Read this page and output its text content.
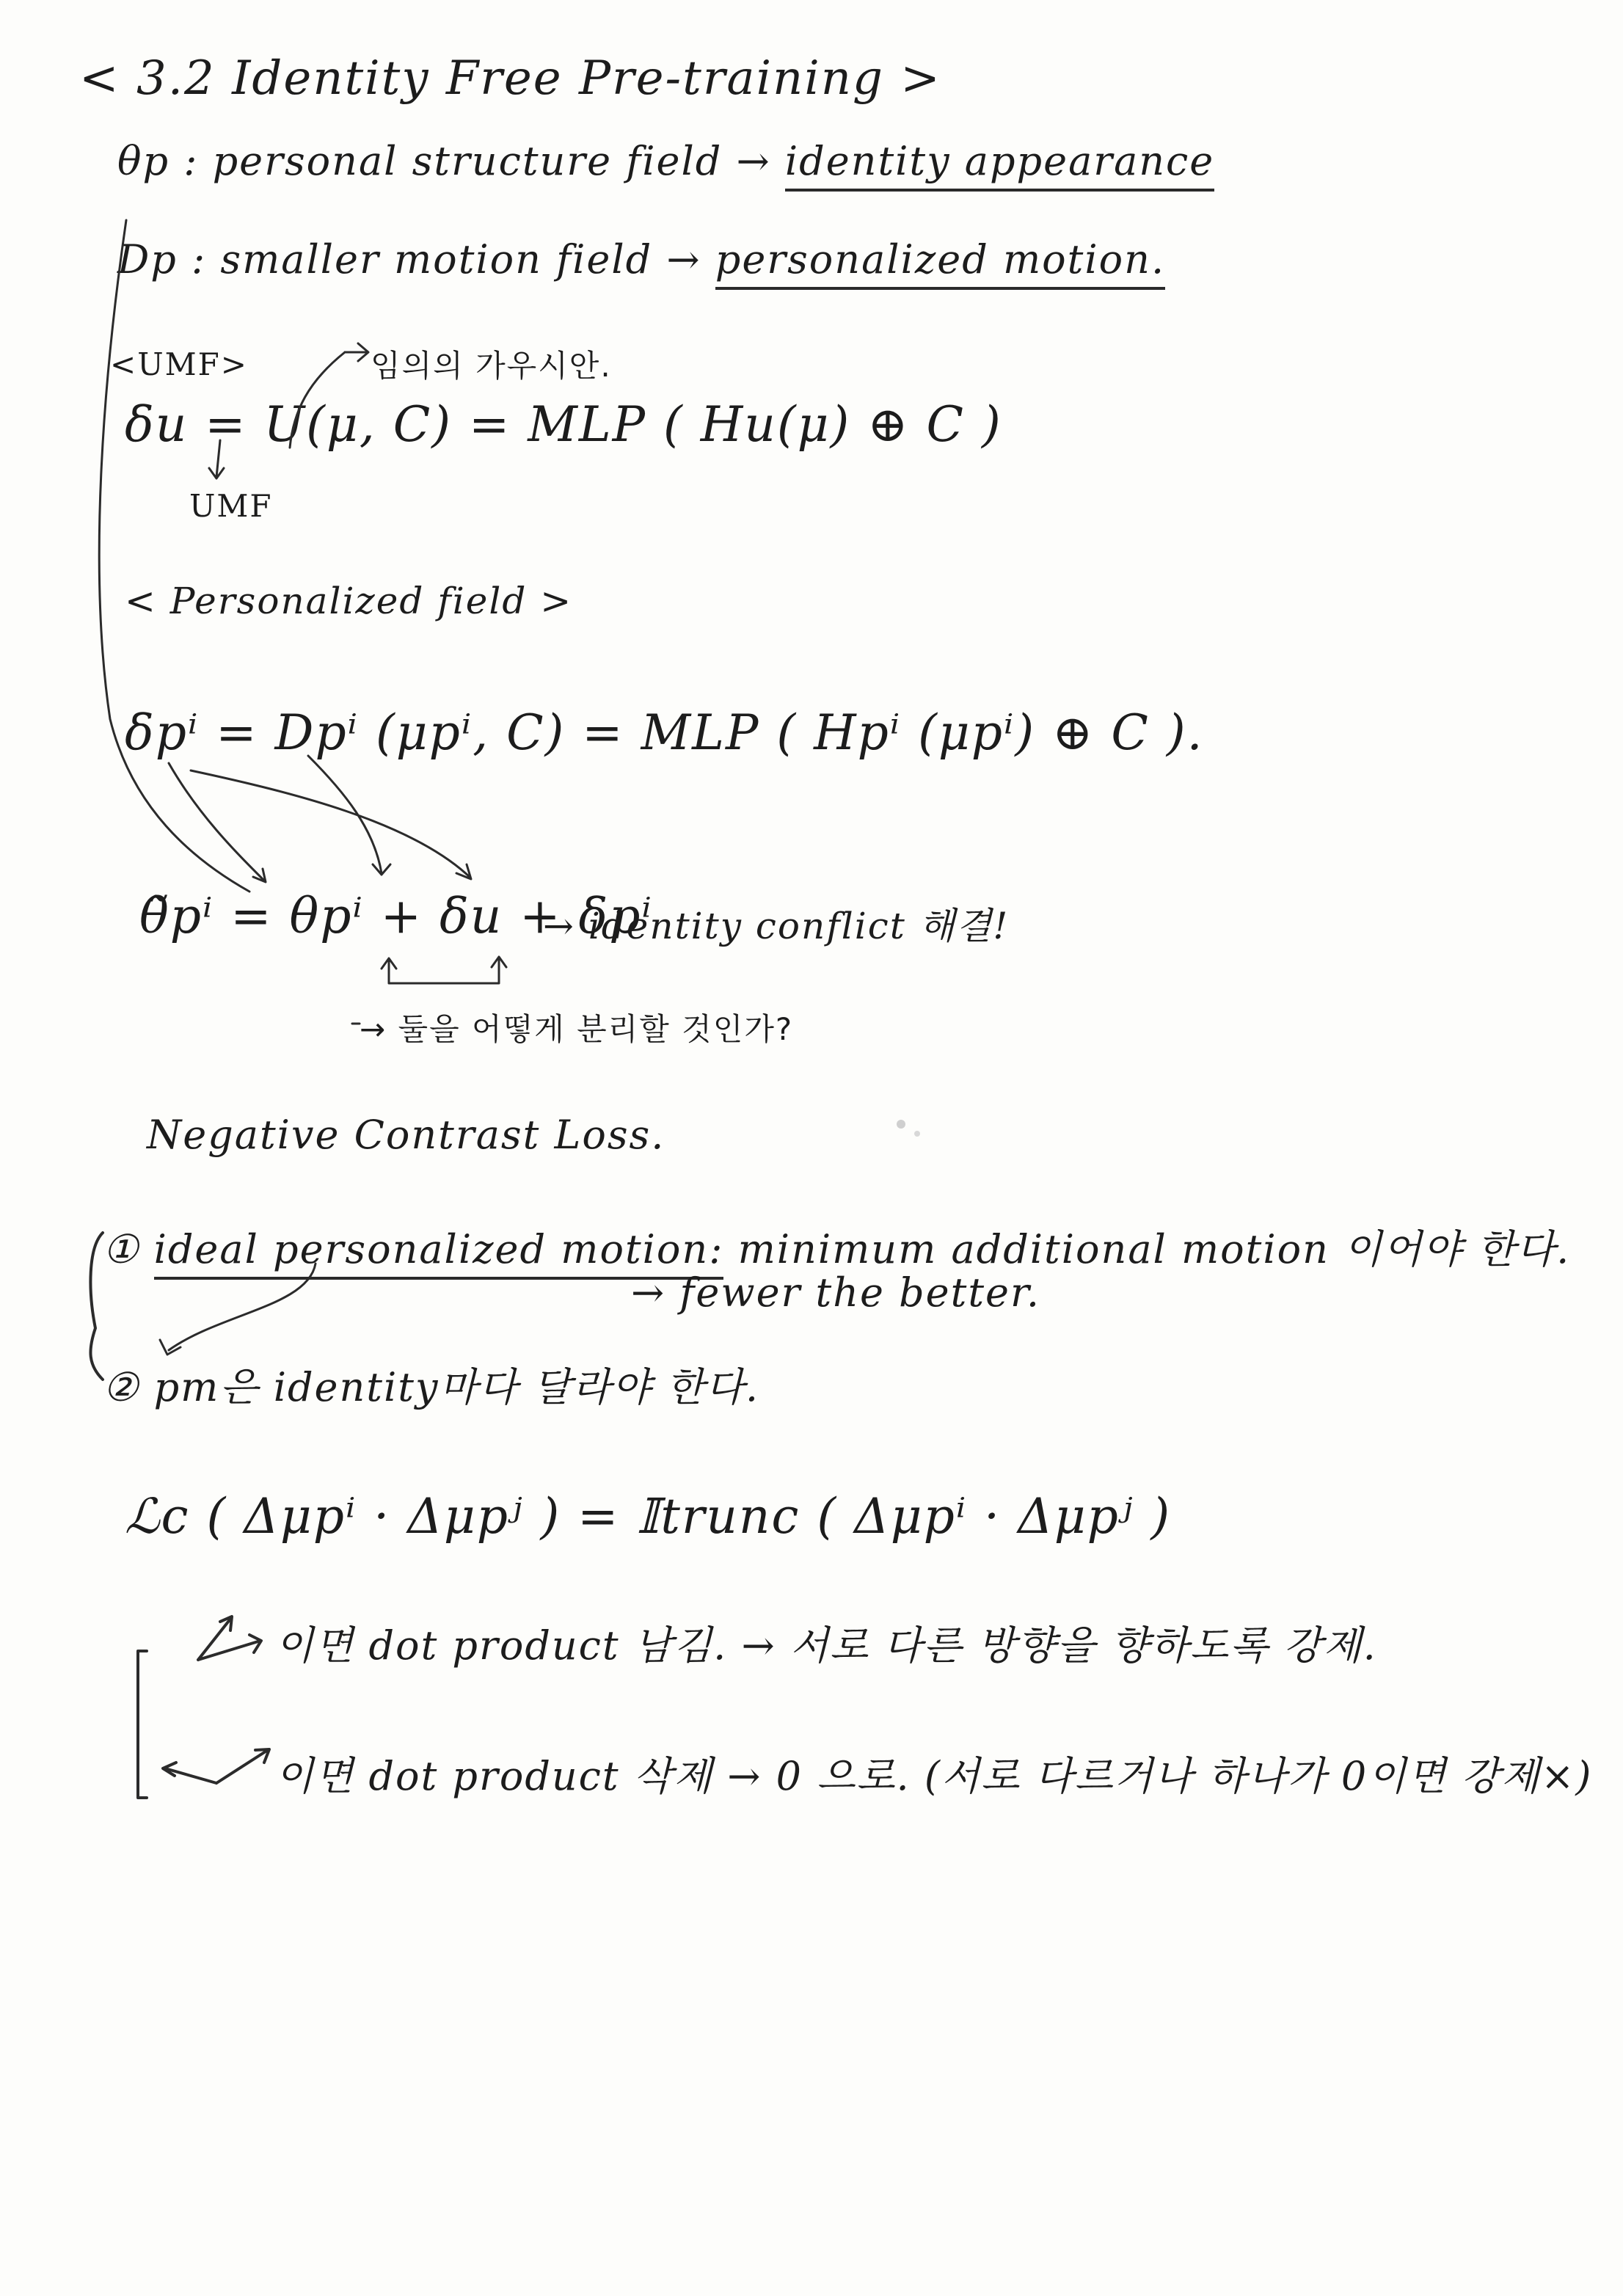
< 3.2 Identity Free Pre-training >
θp : personal structure field → identity appearance
Dp : smaller motion field → personalized motion.
<UMF>	임의의 가우시안.
δu = U(μ, C) = MLP ( Hu(μ) ⊕ C )
UMF
< Personalized field >
δpⁱ = Dpⁱ (μpⁱ, C) = MLP ( Hpⁱ (μpⁱ) ⊕ C ).
θ̃pⁱ = θpⁱ + δu + δpⁱ
→ identity conflict 해결!
→ 둘을 어떻게 분리할 것인가?
Negative Contrast Loss.
① ideal personalized motion: minimum additional motion 이어야 한다.
→ fewer the better.
② pm은 identity마다 달라야 한다.
ℒc ( Δμpⁱ · Δμpʲ ) = 𝕀trunc ( Δμpⁱ · Δμpʲ )
이면 dot product 남김. → 서로 다른 방향을 향하도록 강제.
이면 dot product 삭제 → 0 으로. (서로 다르거나 하나가 0이면 강제×)
